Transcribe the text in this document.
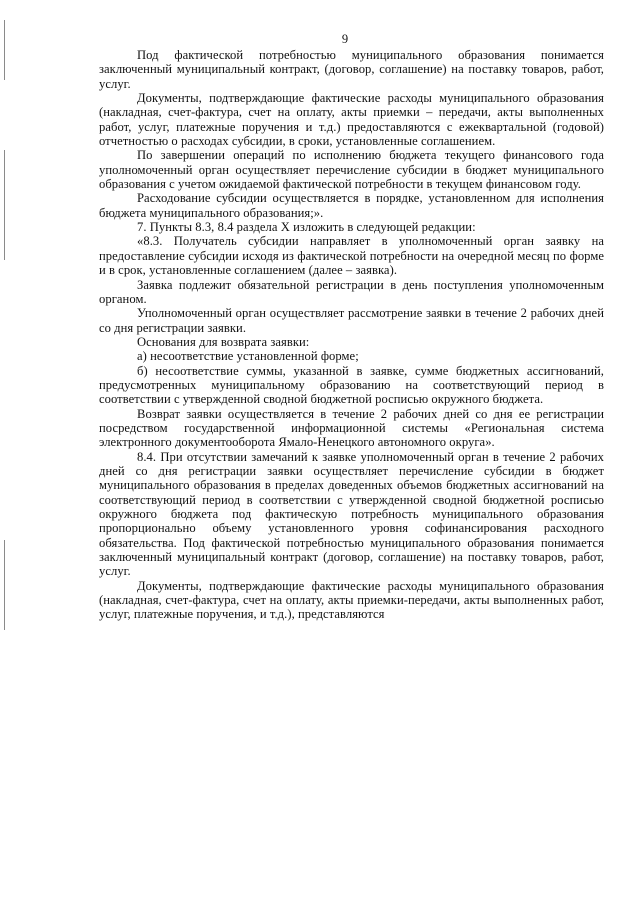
9

Под фактической потребностью муниципального образования понимается заключенный муниципальный контракт, (договор, соглашение) на поставку товаров, работ, услуг.

Документы, подтверждающие фактические расходы муниципального образования (накладная, счет-фактура, счет на оплату, акты приемки – передачи, акты выполненных работ, услуг, платежные поручения и т.д.) предоставляются с ежеквартальной (годовой) отчетностью о расходах субсидии, в сроки, установленные соглашением.

По завершении операций по исполнению бюджета текущего финансового года уполномоченный орган осуществляет перечисление субсидии в бюджет муниципального образования с учетом ожидаемой фактической потребности в текущем финансовом году.

Расходование субсидии осуществляется в порядке, установленном для исполнения бюджета муниципального образования;».

7. Пункты 8.3, 8.4 раздела X изложить в следующей редакции:

«8.3. Получатель субсидии направляет в уполномоченный орган заявку на предоставление субсидии исходя из фактической потребности на очередной месяц по форме и в срок, установленные соглашением (далее – заявка).

Заявка подлежит обязательной регистрации в день поступления уполномоченным органом.

Уполномоченный орган осуществляет рассмотрение заявки в течение 2 рабочих дней со дня регистрации заявки.

Основания для возврата заявки:

а) несоответствие установленной форме;

б) несоответствие суммы, указанной в заявке, сумме бюджетных ассигнований, предусмотренных муниципальному образованию на соответствующий период в соответствии с утвержденной сводной бюджетной росписью окружного бюджета.

Возврат заявки осуществляется в течение 2 рабочих дней со дня ее регистрации посредством государственной информационной системы «Региональная система электронного документооборота Ямало-Ненецкого автономного округа».

8.4. При отсутствии замечаний к заявке уполномоченный орган в течение 2 рабочих дней со дня регистрации заявки осуществляет перечисление субсидии в бюджет муниципального образования в пределах доведенных объемов бюджетных ассигнований на соответствующий период в соответствии с утвержденной сводной бюджетной росписью окружного бюджета под фактическую потребность муниципального образования пропорционально объему установленного уровня софинансирования расходного обязательства. Под фактической потребностью муниципального образования понимается заключенный муниципальный контракт (договор, соглашение) на поставку товаров, работ, услуг.

Документы, подтверждающие фактические расходы муниципального образования (накладная, счет-фактура, счет на оплату, акты приемки-передачи, акты выполненных работ, услуг, платежные поручения, и т.д.), представляются
